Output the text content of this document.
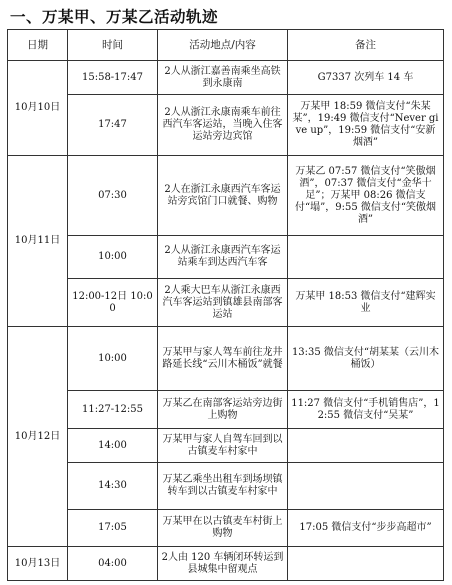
一、万某甲、万某乙活动轨迹
日期	时间	活动地点/内容	备注
10月10日	15:58-17:47	2人从浙江嘉善南乘坐高铁到永康南	G7337 次列车 14 车
	17:47	2人从浙江永康南乘车前往西汽车客运站，当晚入住客运站旁边宾馆	万某甲 18:59 微信支付“朱某某”，19:49 微信支付“Never give up”，19:59 微信支付“安新烟酒”
10月11日	07:30	2人在浙江永康西汽车客运站旁宾馆门口就餐、购物	万某乙 07:57 微信支付“笑傲烟酒”，07:37 微信支付“金华十足”；万某甲 08:26 微信支付“塌”，9:55 微信支付“笑傲烟酒”
	10:00	2人从浙江永康西汽车客运站乘车到达西汽车客	
	12:00-12日 10:00	2人乘大巴车从浙江永康西汽车客运站到镇雄县南部客运站	万某甲 18:53 微信支付“建辉实业
10月12日	10:00	万某甲与家人驾车前往龙井路延长线“云川木桶饭”就餐	13:35 微信支付“胡某某（云川木桶饭）
	11:27-12:55	万某乙在南部客运站旁边街上购物	11:27 微信支付“手机销售店”，12:55 微信支付“吴某”
	14:00	万某甲与家人自驾车回到以古镇麦车村家中	
	14:30	万某乙乘坐出租车到场坝镇转车到以古镇麦车村家中	
	17:05	万某甲在以古镇麦车村街上购物	17:05 微信支付“步步高超市”
10月13日	04:00	2人由 120 车辆闭环转运到县城集中留观点	
